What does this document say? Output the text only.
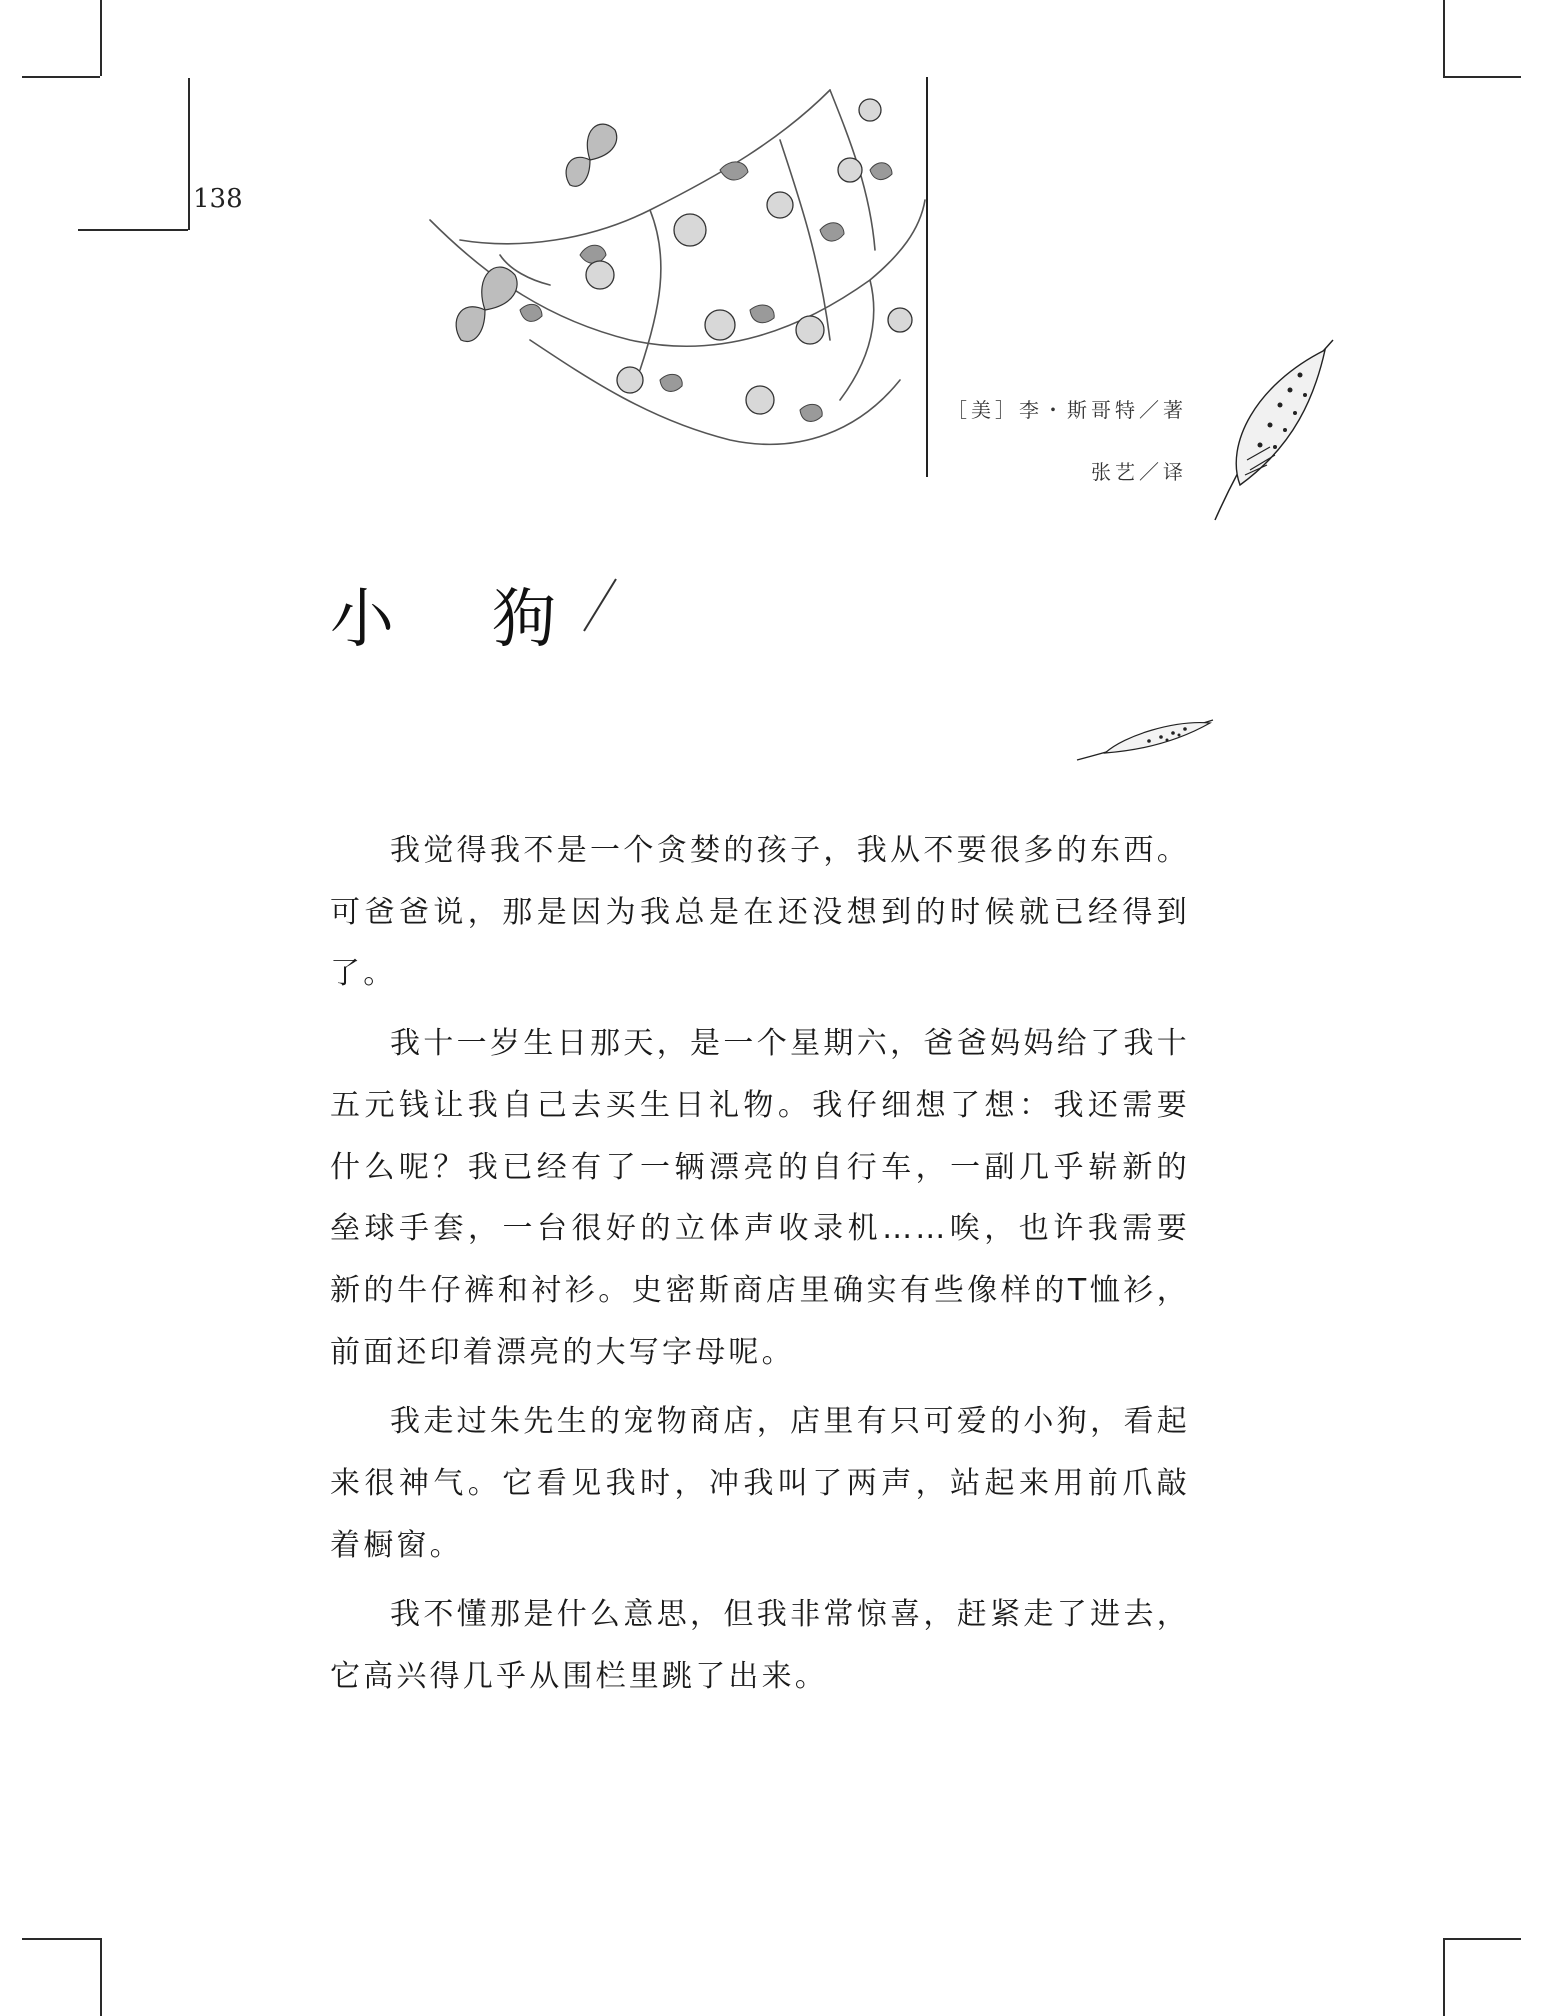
138
［美］李・斯哥特／著
张艺／译
小 狗

我觉得我不是一个贪婪的孩子，我从不要很多的东西。可爸爸说，那是因为我总是在还没想到的时候就已经得到了。

我十一岁生日那天，是一个星期六，爸爸妈妈给了我十五元钱让我自己去买生日礼物。我仔细想了想：我还需要什么呢？我已经有了一辆漂亮的自行车，一副几乎崭新的垒球手套，一台很好的立体声收录机……唉，也许我需要新的牛仔裤和衬衫。史密斯商店里确实有些像样的T恤衫，前面还印着漂亮的大写字母呢。

我走过朱先生的宠物商店，店里有只可爱的小狗，看起来很神气。它看见我时，冲我叫了两声，站起来用前爪敲着橱窗。

我不懂那是什么意思，但我非常惊喜，赶紧走了进去，它高兴得几乎从围栏里跳了出来。
